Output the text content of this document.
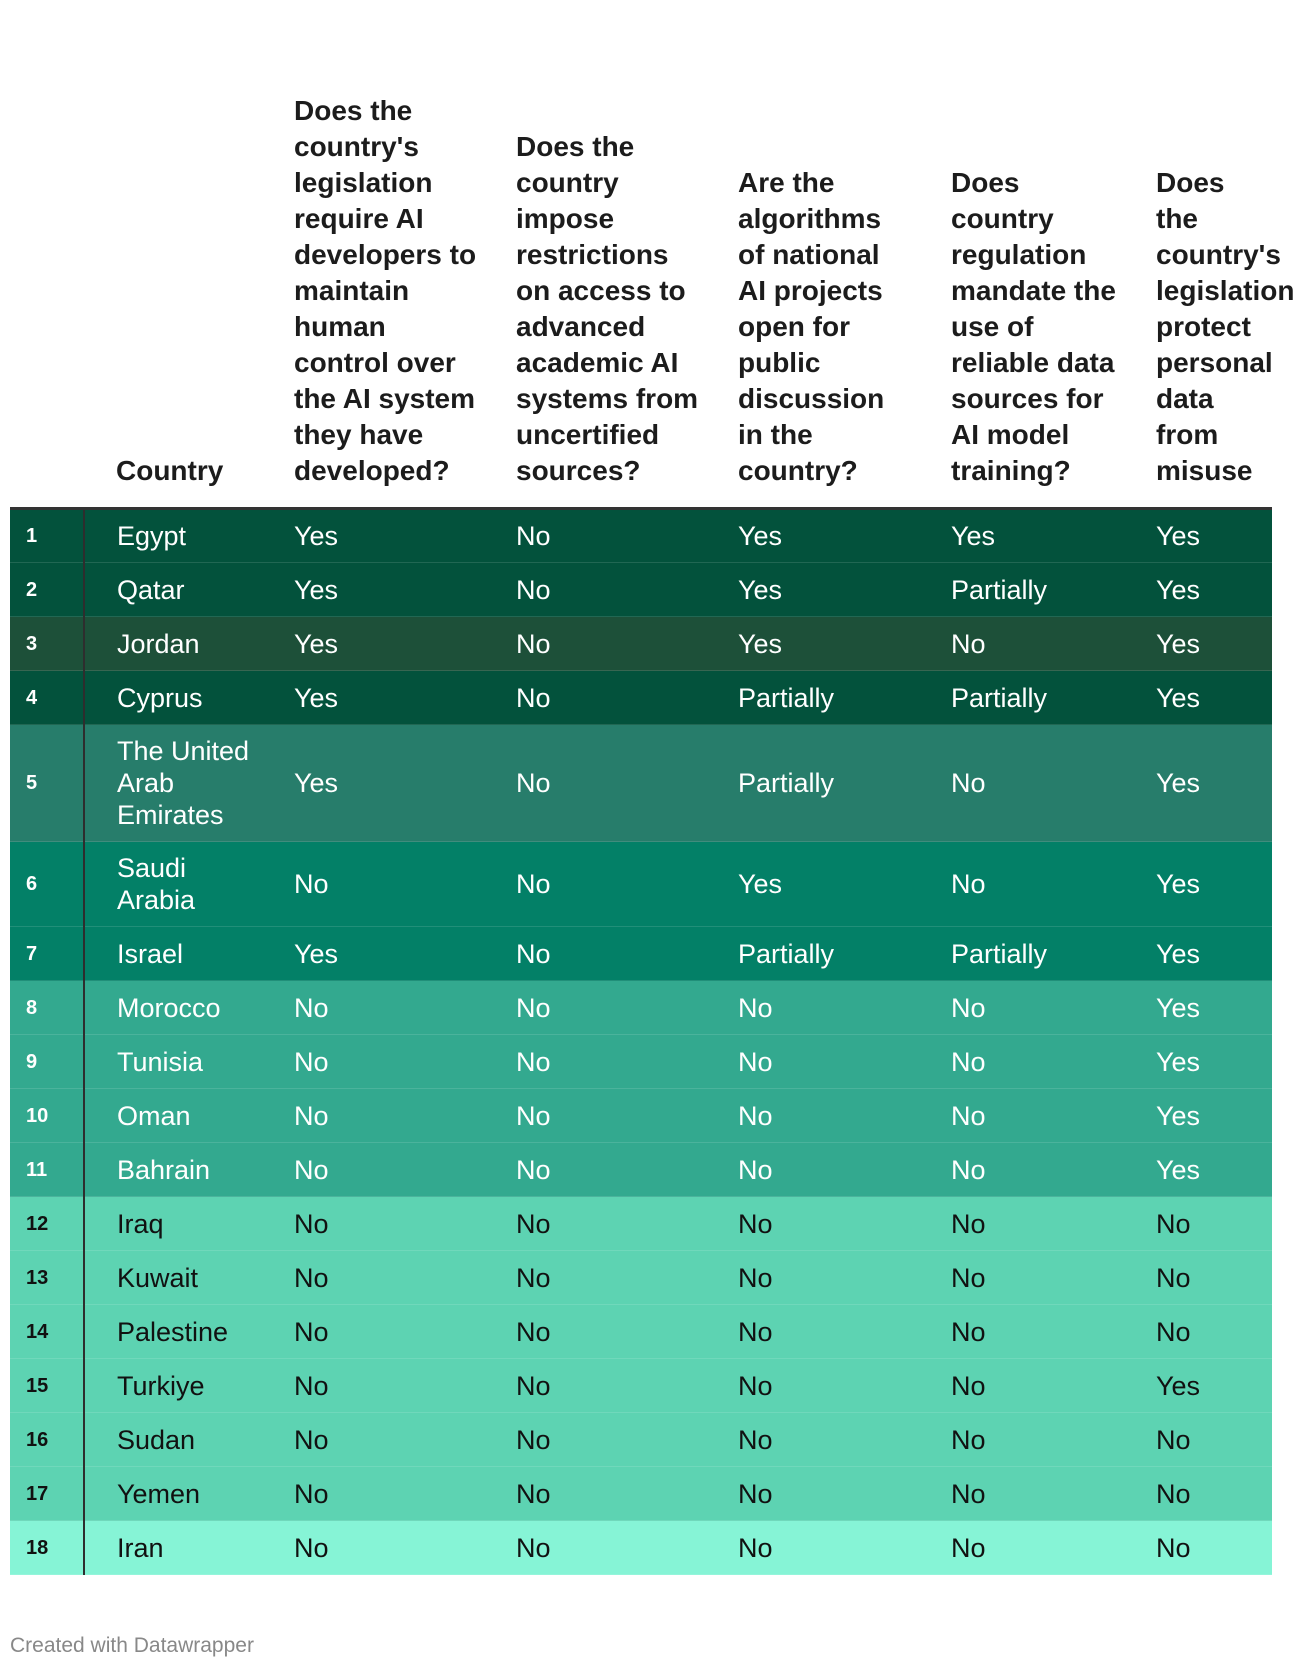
	Country	Does the country's legislation require AI developers to maintain human control over the AI system they have developed?	Does the country impose restrictions on access to advanced academic AI systems from uncertified sources?	Are the algorithms of national AI projects open for public discussion in the country?	Does country regulation mandate the use of reliable data sources for AI model training?	Does the country's legislation protect personal data from misuse
1	Egypt	Yes	No	Yes	Yes	Yes
2	Qatar	Yes	No	Yes	Partially	Yes
3	Jordan	Yes	No	Yes	No	Yes
4	Cyprus	Yes	No	Partially	Partially	Yes
5	The United Arab Emirates	Yes	No	Partially	No	Yes
6	Saudi Arabia	No	No	Yes	No	Yes
7	Israel	Yes	No	Partially	Partially	Yes
8	Morocco	No	No	No	No	Yes
9	Tunisia	No	No	No	No	Yes
10	Oman	No	No	No	No	Yes
11	Bahrain	No	No	No	No	Yes
12	Iraq	No	No	No	No	No
13	Kuwait	No	No	No	No	No
14	Palestine	No	No	No	No	No
15	Turkiye	No	No	No	No	Yes
16	Sudan	No	No	No	No	No
17	Yemen	No	No	No	No	No
18	Iran	No	No	No	No	No
Created with Datawrapper
